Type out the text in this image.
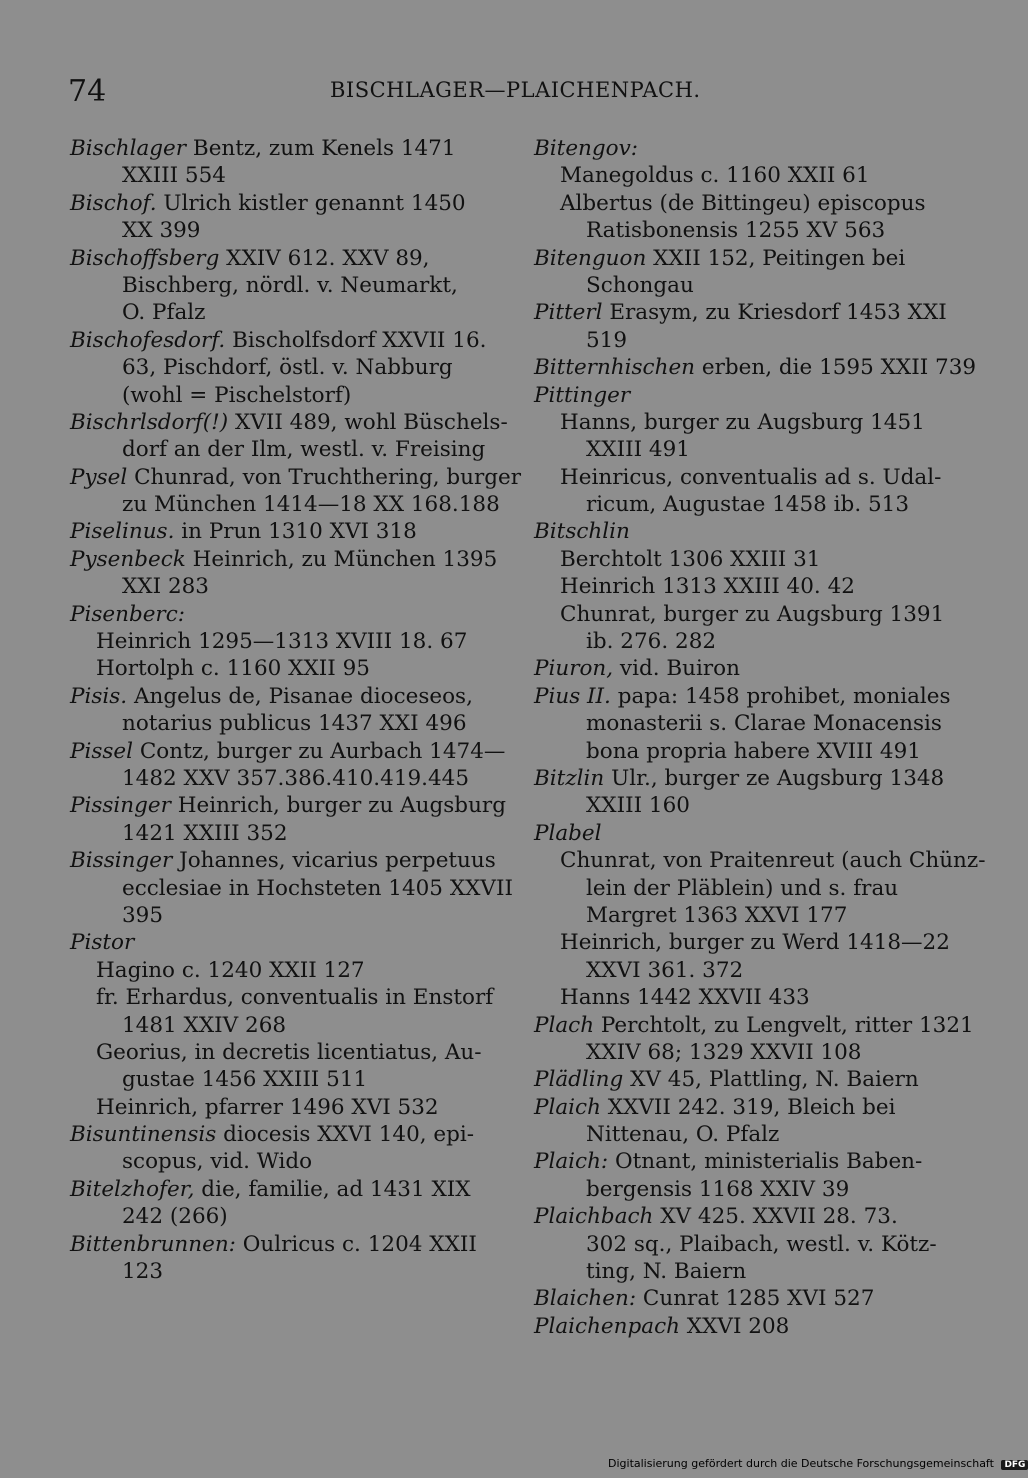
74	BISCHLAGER—PLAICHENPACH.
Bischlager Bentz, zum Kenels 1471
XXIII 554
Bischof. Ulrich kistler genannt 1450
XX 399
Bischoffsberg XXIV 612. XXV 89,
Bischberg, nördl. v. Neumarkt,
O. Pfalz
Bischofesdorf. Bischolfsdorf XXVII 16.
63, Pischdorf, östl. v. Nabburg
(wohl = Pischelstorf)
Bischrlsdorf(!) XVII 489, wohl Büschels-
dorf an der Ilm, westl. v. Freising
Pysel Chunrad, von Truchthering, burger
zu München 1414—18 XX 168.188
Piselinus. in Prun 1310 XVI 318
Pysenbeck Heinrich, zu München 1395
XXI 283
Pisenberc:
Heinrich 1295—1313 XVIII 18. 67
Hortolph c. 1160 XXII 95
Pisis. Angelus de, Pisanae dioceseos,
notarius publicus 1437 XXI 496
Pissel Contz, burger zu Aurbach 1474—
1482 XXV 357.386.410.419.445
Pissinger Heinrich, burger zu Augsburg
1421 XXIII 352
Bissinger Johannes, vicarius perpetuus
ecclesiae in Hochsteten 1405 XXVII
395
Pistor
Hagino c. 1240 XXII 127
fr. Erhardus, conventualis in Enstorf
1481 XXIV 268
Georius, in decretis licentiatus, Au-
gustae 1456 XXIII 511
Heinrich, pfarrer 1496 XVI 532
Bisuntinensis diocesis XXVI 140, epi-
scopus, vid. Wido
Bitelzhofer, die, familie, ad 1431 XIX
242 (266)
Bittenbrunnen: Oulricus c. 1204 XXII
123
Bitengov:
Manegoldus c. 1160 XXII 61
Albertus (de Bittingeu) episcopus
Ratisbonensis 1255 XV 563
Bitenguon XXII 152, Peitingen bei
Schongau
Pitterl Erasym, zu Kriesdorf 1453 XXI
519
Bitternhischen erben, die 1595 XXII 739
Pittinger
Hanns, burger zu Augsburg 1451
XXIII 491
Heinricus, conventualis ad s. Udal-
ricum, Augustae 1458 ib. 513
Bitschlin
Berchtolt 1306 XXIII 31
Heinrich 1313 XXIII 40. 42
Chunrat, burger zu Augsburg 1391
ib. 276. 282
Piuron, vid. Buiron
Pius II. papa: 1458 prohibet, moniales
monasterii s. Clarae Monacensis
bona propria habere XVIII 491
Bitzlin Ulr., burger ze Augsburg 1348
XXIII 160
Plabel
Chunrat, von Praitenreut (auch Chünz-
lein der Pläblein) und s. frau
Margret 1363 XXVI 177
Heinrich, burger zu Werd 1418—22
XXVI 361. 372
Hanns 1442 XXVII 433
Plach Perchtolt, zu Lengvelt, ritter 1321
XXIV 68; 1329 XXVII 108
Plädling XV 45, Plattling, N. Baiern
Plaich XXVII 242. 319, Bleich bei
Nittenau, O. Pfalz
Plaich: Otnant, ministerialis Baben-
bergensis 1168 XXIV 39
Plaichbach XV 425. XXVII 28. 73.
302 sq., Plaibach, westl. v. Kötz-
ting, N. Baiern
Blaichen: Cunrat 1285 XVI 527
Plaichenpach XXVI 208
Digitalisierung gefördert durch die Deutsche Forschungsgemeinschaft DFG
